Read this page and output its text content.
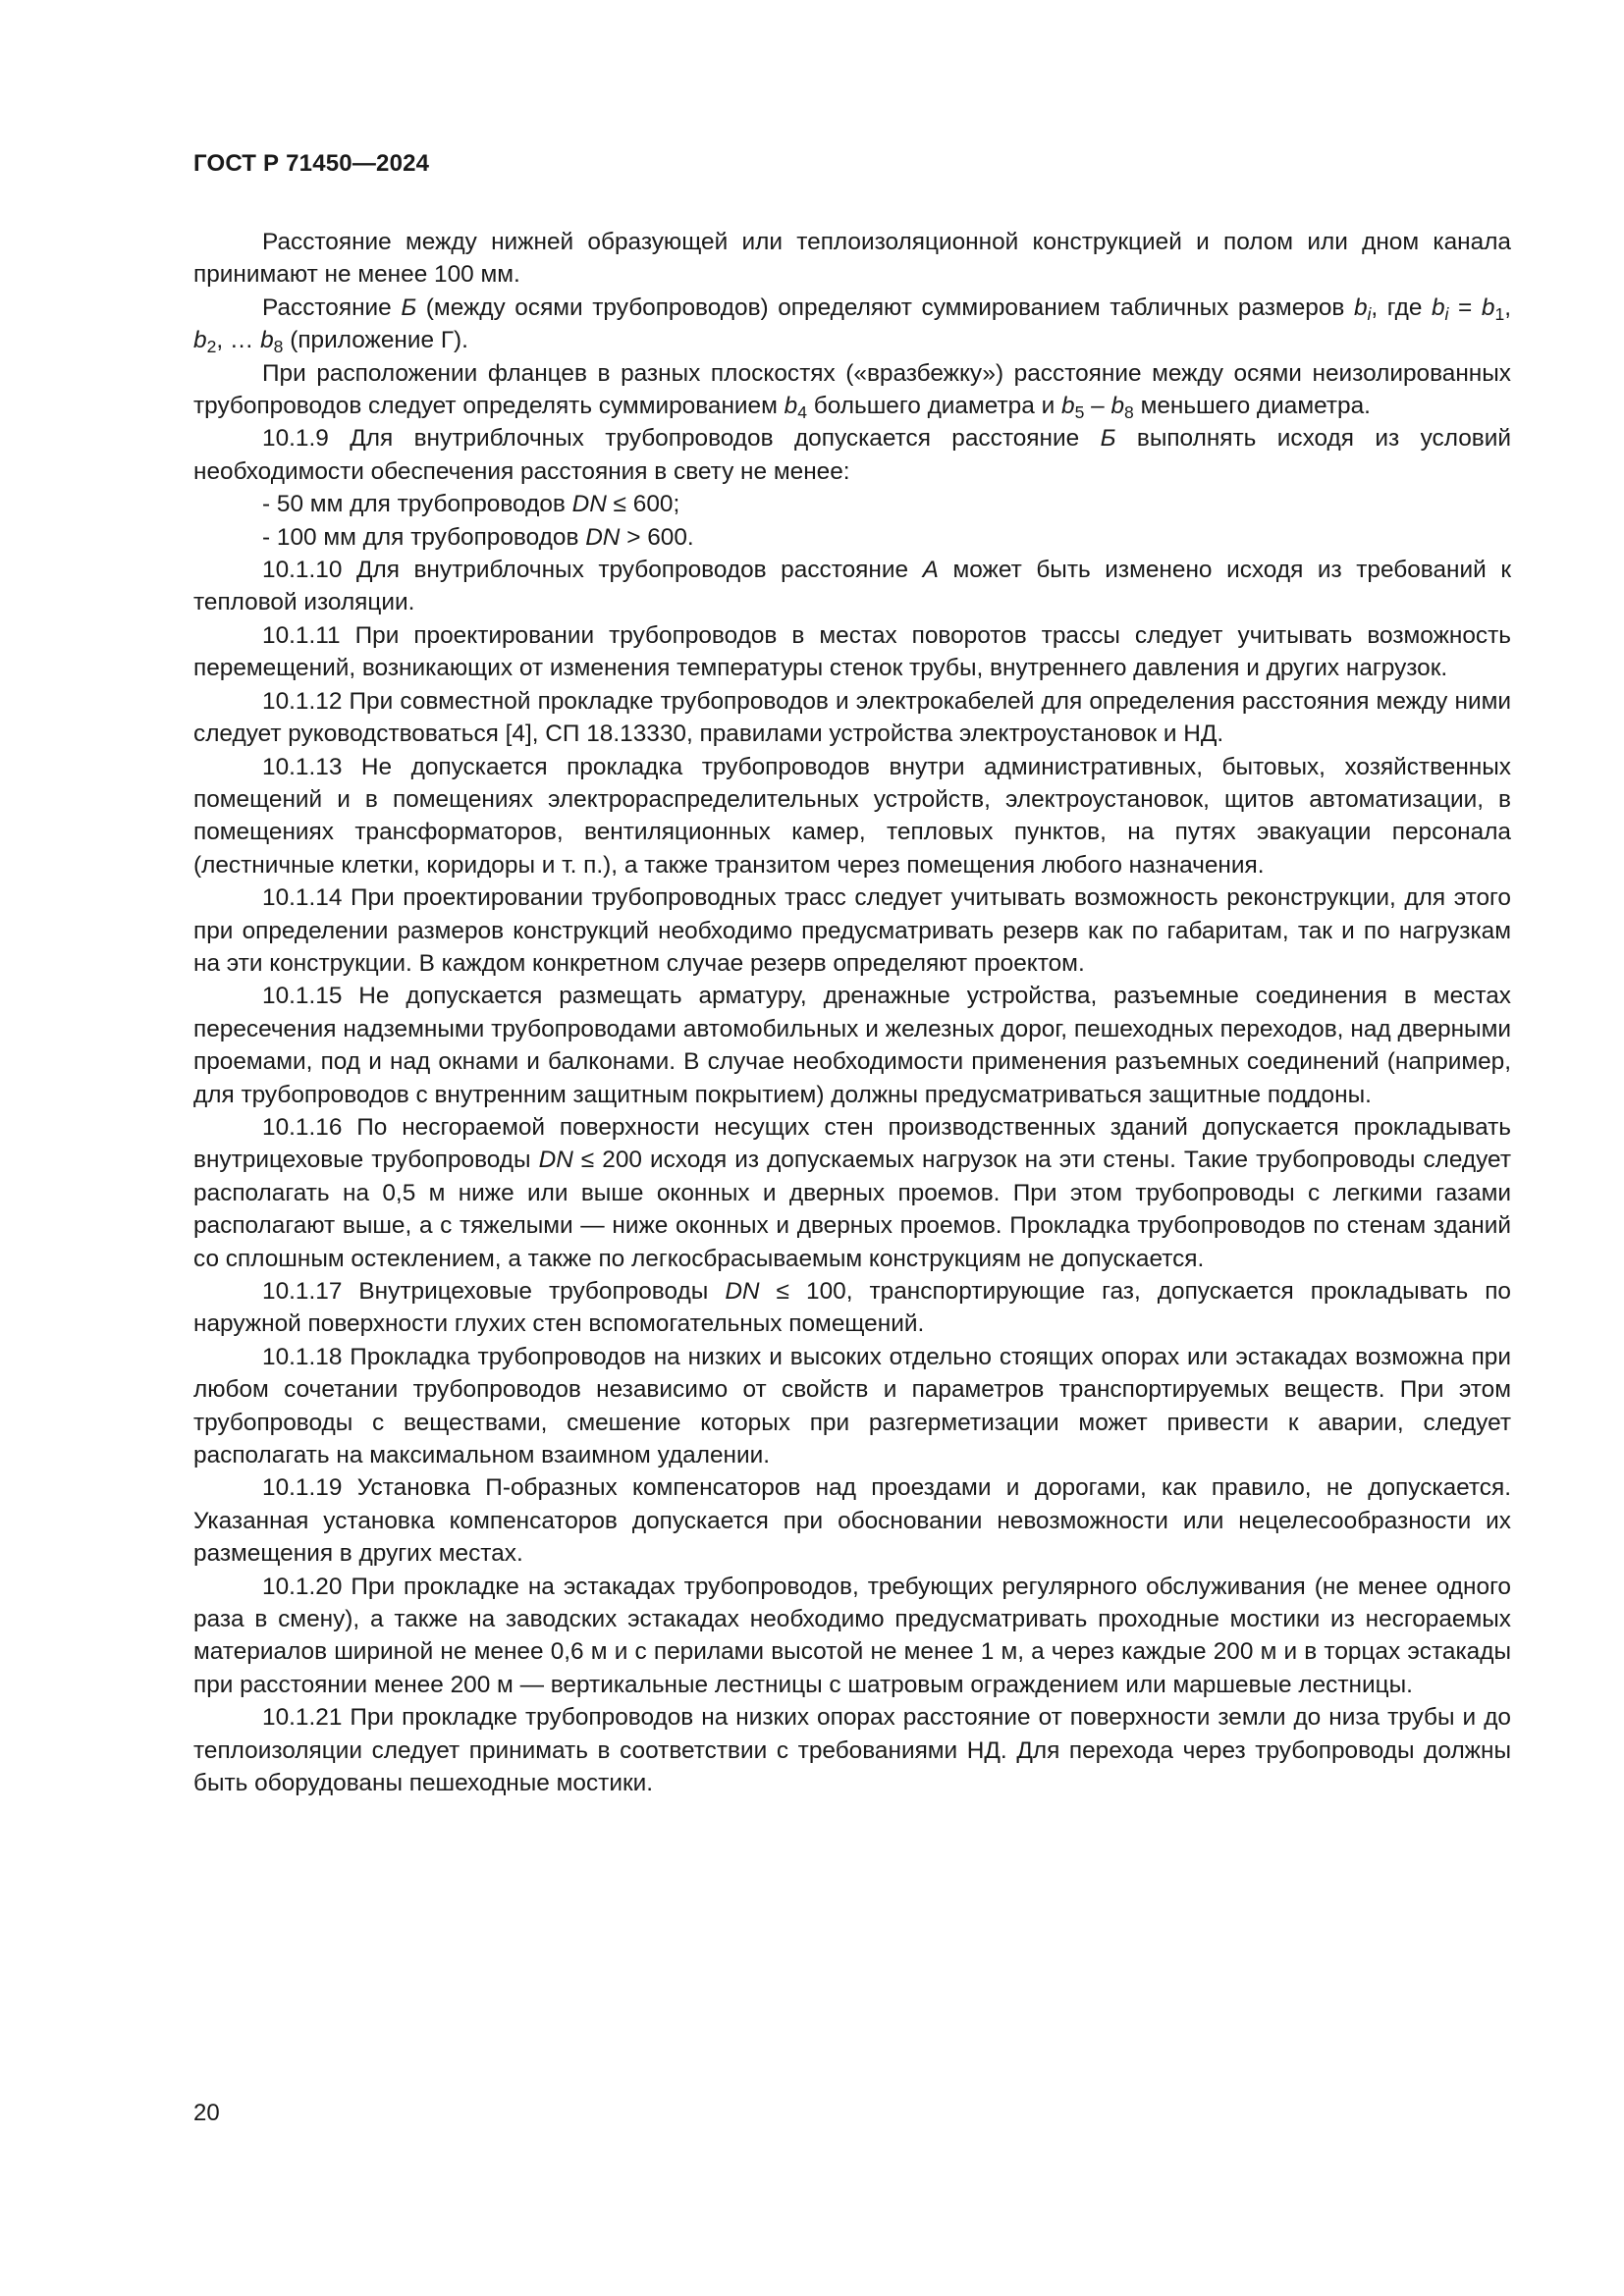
ГОСТ Р 71450—2024

Расстояние между нижней образующей или теплоизоляционной конструкцией и полом или дном канала принимают не менее 100 мм.

Расстояние Б (между осями трубопроводов) определяют суммированием табличных размеров $b_i$, где $b_i = b_1$, $b_2$, … $b_8$ (приложение Г).

При расположении фланцев в разных плоскостях («вразбежку») расстояние между осями неизолированных трубопроводов следует определять суммированием $b_4$ большего диаметра и $b_5 - b_8$ меньшего диаметра.

10.1.9 Для внутриблочных трубопроводов допускается расстояние Б выполнять исходя из условий необходимости обеспечения расстояния в свету не менее:

- 50 мм для трубопроводов DN ≤ 600;

- 100 мм для трубопроводов DN > 600.

10.1.10 Для внутриблочных трубопроводов расстояние А может быть изменено исходя из требований к тепловой изоляции.

10.1.11 При проектировании трубопроводов в местах поворотов трассы следует учитывать возможность перемещений, возникающих от изменения температуры стенок трубы, внутреннего давления и других нагрузок.

10.1.12 При совместной прокладке трубопроводов и электрокабелей для определения расстояния между ними следует руководствоваться [4], СП 18.13330, правилами устройства электроустановок и НД.

10.1.13 Не допускается прокладка трубопроводов внутри административных, бытовых, хозяйственных помещений и в помещениях электрораспределительных устройств, электроустановок, щитов автоматизации, в помещениях трансформаторов, вентиляционных камер, тепловых пунктов, на путях эвакуации персонала (лестничные клетки, коридоры и т. п.), а также транзитом через помещения любого назначения.

10.1.14 При проектировании трубопроводных трасс следует учитывать возможность реконструкции, для этого при определении размеров конструкций необходимо предусматривать резерв как по габаритам, так и по нагрузкам на эти конструкции. В каждом конкретном случае резерв определяют проектом.

10.1.15 Не допускается размещать арматуру, дренажные устройства, разъемные соединения в местах пересечения надземными трубопроводами автомобильных и железных дорог, пешеходных переходов, над дверными проемами, под и над окнами и балконами. В случае необходимости применения разъемных соединений (например, для трубопроводов с внутренним защитным покрытием) должны предусматриваться защитные поддоны.

10.1.16 По несгораемой поверхности несущих стен производственных зданий допускается прокладывать внутрицеховые трубопроводы DN ≤ 200 исходя из допускаемых нагрузок на эти стены. Такие трубопроводы следует располагать на 0,5 м ниже или выше оконных и дверных проемов. При этом трубопроводы с легкими газами располагают выше, а с тяжелыми — ниже оконных и дверных проемов. Прокладка трубопроводов по стенам зданий со сплошным остеклением, а также по легкосбрасываемым конструкциям не допускается.

10.1.17 Внутрицеховые трубопроводы DN ≤ 100, транспортирующие газ, допускается прокладывать по наружной поверхности глухих стен вспомогательных помещений.

10.1.18 Прокладка трубопроводов на низких и высоких отдельно стоящих опорах или эстакадах возможна при любом сочетании трубопроводов независимо от свойств и параметров транспортируемых веществ. При этом трубопроводы с веществами, смешение которых при разгерметизации может привести к аварии, следует располагать на максимальном взаимном удалении.

10.1.19 Установка П-образных компенсаторов над проездами и дорогами, как правило, не допускается. Указанная установка компенсаторов допускается при обосновании невозможности или нецелесообразности их размещения в других местах.

10.1.20 При прокладке на эстакадах трубопроводов, требующих регулярного обслуживания (не менее одного раза в смену), а также на заводских эстакадах необходимо предусматривать проходные мостики из несгораемых материалов шириной не менее 0,6 м и с перилами высотой не менее 1 м, а через каждые 200 м и в торцах эстакады при расстоянии менее 200 м — вертикальные лестницы с шатровым ограждением или маршевые лестницы.

10.1.21 При прокладке трубопроводов на низких опорах расстояние от поверхности земли до низа трубы и до теплоизоляции следует принимать в соответствии с требованиями НД. Для перехода через трубопроводы должны быть оборудованы пешеходные мостики.

20
